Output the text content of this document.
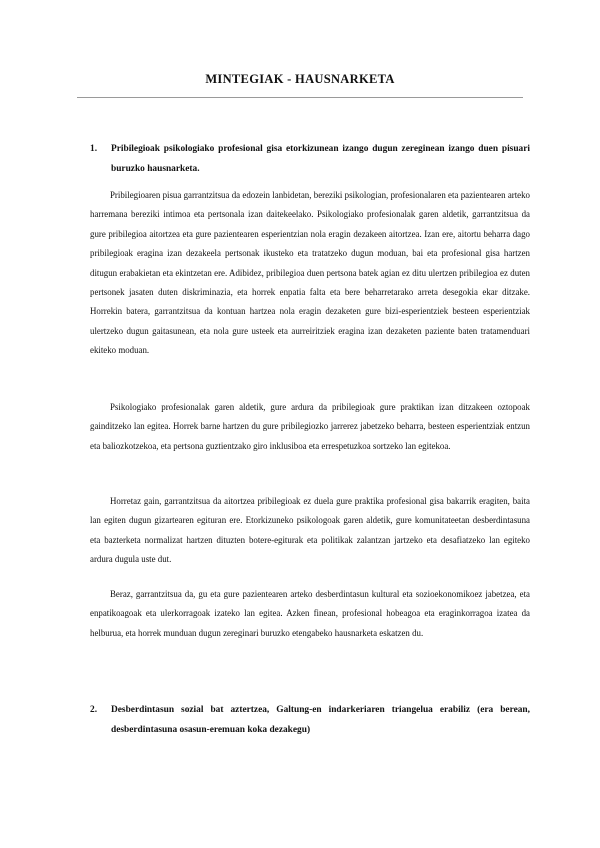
MINTEGIAK - HAUSNARKETA
1. Pribilegioak psikologiako profesional gisa etorkizunean izango dugun zereginean izango duen pisuari buruzko hausnarketa.

Pribilegioaren pisua garrantzitsua da edozein lanbidetan, bereziki psikologian, profesionalaren eta pazientearen arteko harremana bereziki intimoa eta pertsonala izan daitekeelako. Psikologiako profesionalak garen aldetik, garrantzitsua da gure pribilegioa aitortzea eta gure pazientearen esperientzian nola eragin dezakeen aitortzea. Izan ere, aitortu beharra dago pribilegioak eragina izan dezakeela pertsonak ikusteko eta tratatzeko dugun moduan, bai eta profesional gisa hartzen ditugun erabakietan eta ekintzetan ere. Adibidez, pribilegioa duen pertsona batek agian ez ditu ulertzen pribilegioa ez duten pertsonek jasaten duten diskriminazia, eta horrek enpatia falta eta bere beharretarako arreta desegokia ekar ditzake. Horrekin batera, garrantzitsua da kontuan hartzea nola eragin dezaketen gure bizi-esperientziek besteen esperientziak ulertzeko dugun gaitasunean, eta nola gure usteek eta aurreiritziek eragina izan dezaketen paziente baten tratamenduari ekiteko moduan.

Psikologiako profesionalak garen aldetik, gure ardura da pribilegioak gure praktikan izan ditzakeen oztopoak gainditzeko lan egitea. Horrek barne hartzen du gure pribilegiozko jarrerez jabetzeko beharra, besteen esperientziak entzun eta baliozkotzekoa, eta pertsona guztientzako giro inklusiboa eta errespetuzkoa sortzeko lan egitekoa.

Horretaz gain, garrantzitsua da aitortzea pribilegioak ez duela gure praktika profesional gisa bakarrik eragiten, baita lan egiten dugun gizartearen egituran ere. Etorkizuneko psikologoak garen aldetik, gure komunitateetan desberdintasuna eta bazterketa normalizat hartzen dituzten botere-egiturak eta politikak zalantzan jartzeko eta desafiatzeko lan egiteko ardura dugula uste dut.

Beraz, garrantzitsua da, gu eta gure pazientearen arteko desberdintasun kultural eta sozioekonomikoez jabetzea, eta enpatikoagoak eta ulerkorragoak izateko lan egitea. Azken finean, profesional hobeagoa eta eraginkorragoa izatea da helburua, eta horrek munduan dugun zereginari buruzko etengabeko hausnarketa eskatzen du.

2. Desberdintasun sozial bat aztertzea, Galtung-en indarkeriaren triangelua erabiliz (era berean, desberdintasuna osasun-eremuan koka dezakegu)
